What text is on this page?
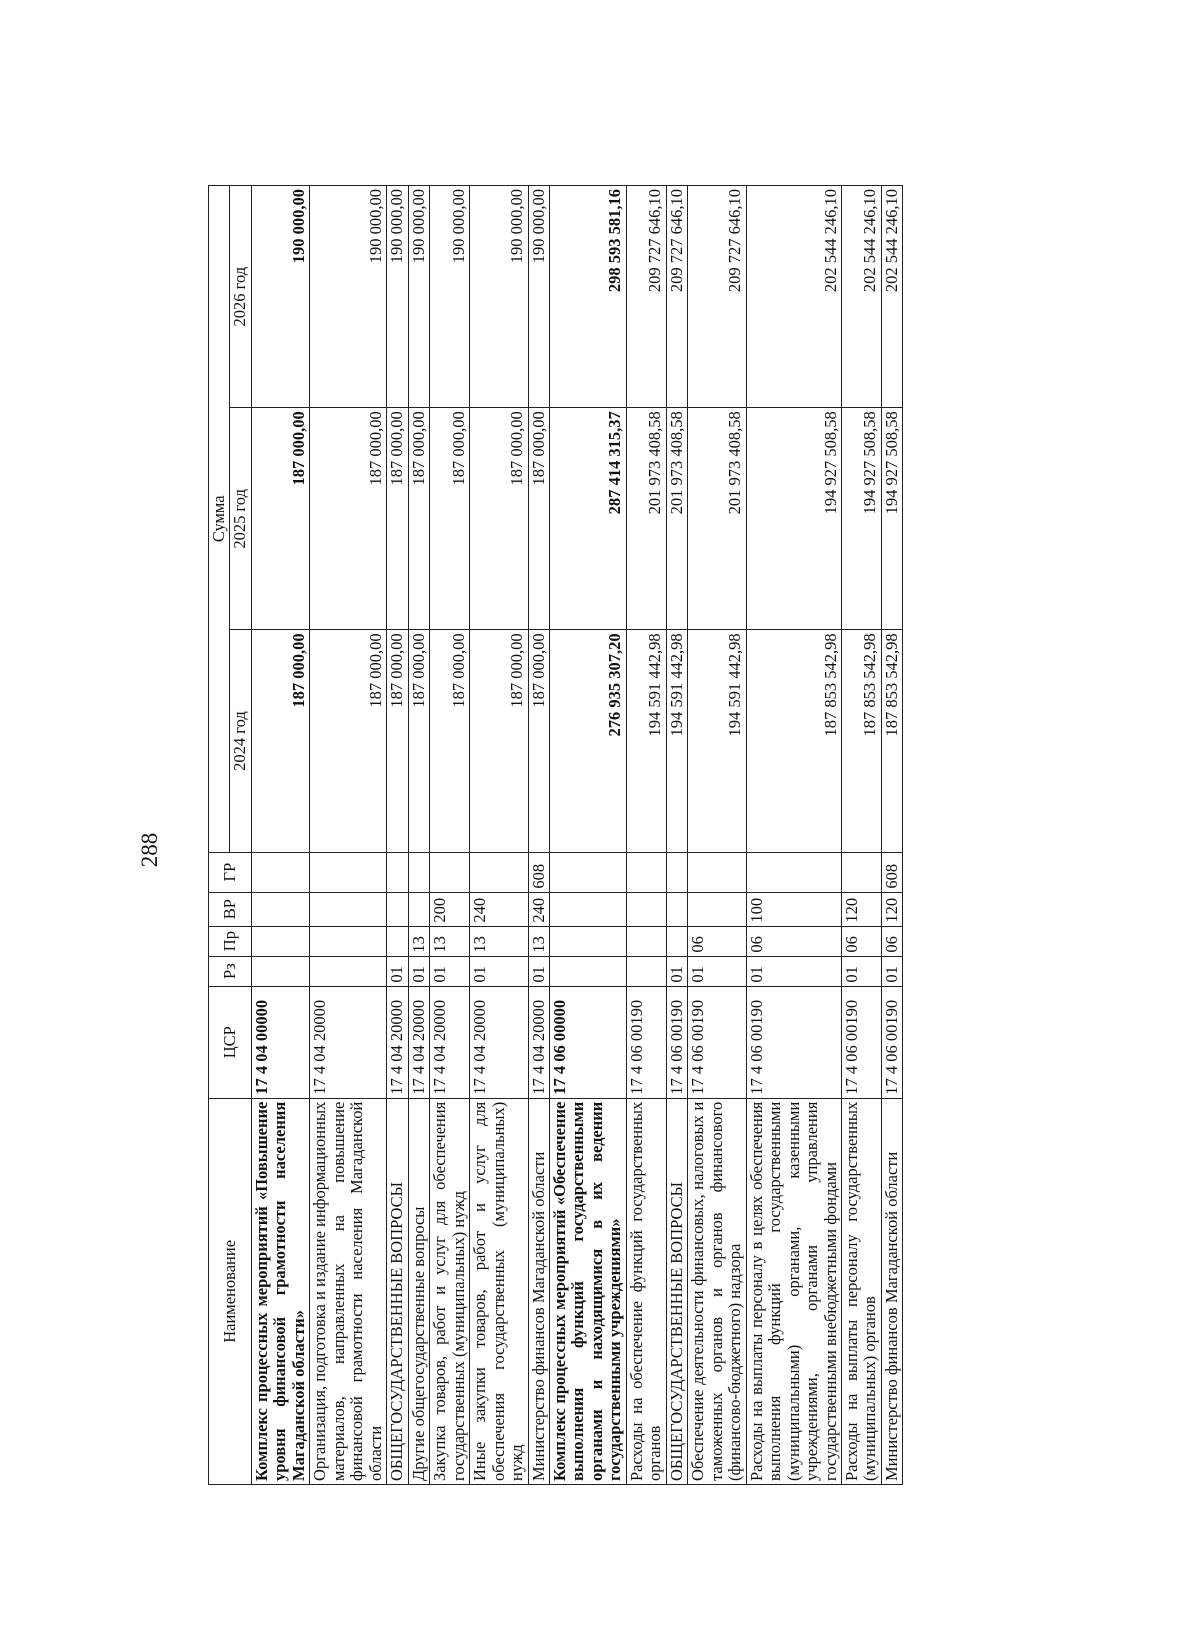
288
Наименование	ЦСР	Рз	Пр	ВР	ГР	Сумма		
						2024 год	2025 год	2026 год
Комплекс процессных мероприятий «Повышение уровня финансовой грамотности населения Магаданской области»	17 4 04 00000					187 000,00	187 000,00	190 000,00
Организация, подготовка и издание информационных материалов, направленных на повышение финансовой грамотности населения Магаданской области	17 4 04 20000					187 000,00	187 000,00	190 000,00
ОБЩЕГОСУДАРСТВЕННЫЕ ВОПРОСЫ	17 4 04 20000	01				187 000,00	187 000,00	190 000,00
Другие общегосударственные вопросы	17 4 04 20000	01	13			187 000,00	187 000,00	190 000,00
Закупка товаров, работ и услуг для обеспечения государственных (муниципальных) нужд	17 4 04 20000	01	13	200		187 000,00	187 000,00	190 000,00
Иные закупки товаров, работ и услуг для обеспечения государственных (муниципальных) нужд	17 4 04 20000	01	13	240		187 000,00	187 000,00	190 000,00
Министерство финансов Магаданской области	17 4 04 20000	01	13	240	608	187 000,00	187 000,00	190 000,00
Комплекс процессных мероприятий «Обеспечение выполнения функций государственными органами и находящимися в их ведении государственными учреждениями»	17 4 06 00000					276 935 307,20	287 414 315,37	298 593 581,16
Расходы на обеспечение функций государственных органов	17 4 06 00190					194 591 442,98	201 973 408,58	209 727 646,10
ОБЩЕГОСУДАРСТВЕННЫЕ ВОПРОСЫ	17 4 06 00190	01				194 591 442,98	201 973 408,58	209 727 646,10
Обеспечение деятельности финансовых, налоговых и таможенных органов и органов финансового (финансово-бюджетного) надзора	17 4 06 00190	01	06			194 591 442,98	201 973 408,58	209 727 646,10
Расходы на выплаты персоналу в целях обеспечения выполнения функций государственными (муниципальными) органами, казенными учреждениями, органами управления государственными внебюджетными фондами	17 4 06 00190	01	06	100		187 853 542,98	194 927 508,58	202 544 246,10
Расходы на выплаты персоналу государственных (муниципальных) органов	17 4 06 00190	01	06	120		187 853 542,98	194 927 508,58	202 544 246,10
Министерство финансов Магаданской области	17 4 06 00190	01	06	120	608	187 853 542,98	194 927 508,58	202 544 246,10
